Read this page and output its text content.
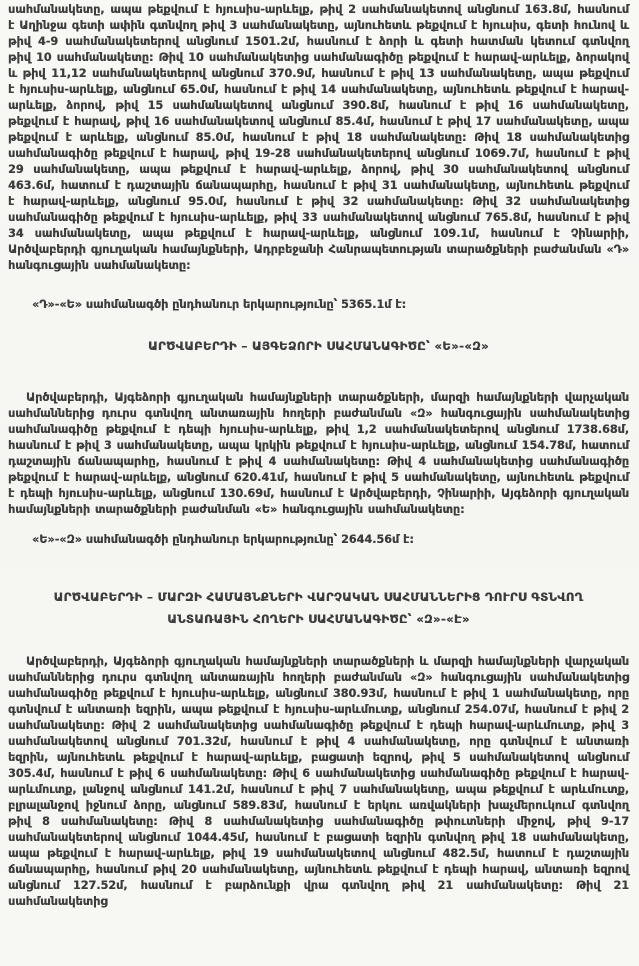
սահմանակետը, ապա թեքվում է հյուսիս-արևելք, թիվ 2 սահմանակետով անցնում 163.8մ, հասնում է Աղինջա գետի ափին գտնվող թիվ 3 սահմանակետը, այնուհետև թեքվում է հյուսիս, գետի հունով և թիվ 4-9 սահմանակետերով անցնում 1501.2մ, հասնում է ձորի և գետի հատման կետում գտնվող թիվ 10 սահմանակետը: Թիվ 10 սահմանակետից սահմանագիծը թեքվում է հարավ-արևելք, ձորակով և թիվ 11,12 սահմանակետերով անցնում 370.9մ, հասնում է թիվ 13 սահմանակետը, ապա թեքվում է հյուսիս-արևելք, անցնում 65.0մ, հասնում է թիվ 14 սահմանակետը, այնուհետև թեքվում է հարավ-արևելք, ձորով, թիվ 15 սահմանակետով անցնում 390.8մ, հասնում է թիվ 16 սահմանակետը, թեքվում է հարավ, թիվ 16 սահմանակետով անցնում 85.4մ, հասնում է թիվ 17 սահմանակետը, ապա թեքվում է արևելք, անցնում 85.0մ, հասնում է թիվ 18 սահմանակետը: Թիվ 18 սահմանակետից սահմանագիծը թեքվում է հարավ, թիվ 19-28 սահմանակետերով անցնում 1069.7մ, հասնում է թիվ 29 սահմանակետը, ապա թեքվում է հարավ-արևելք, ձորով, թիվ 30 սահմանակետով անցնում 463.6մ, հատում է դաշտային ճանապարհը, հասնում է թիվ 31 սահմանակետը, այնուհետև թեքվում է հարավ-արևելք, անցնում 95.0մ, հասնում է թիվ 32 սահմանակետը: Թիվ 32 սահմանակետից սահմանագիծը թեքվում է հյուսիս-արևելք, թիվ 33 սահմանակետով անցնում 765.8մ, հասնում է թիվ 34 սահմանակետը, ապա թեքվում է հարավ-արևելք, անցնում 109.1մ, հասնում է Չինարիի, Արծվաբերդի գյուղական համայնքների, Ադրբեջանի Հանրապետության տարածքների բաժանման «Դ» հանգուցային սահմանակետը:

«Դ»-«Ե» սահմանագծի ընդհանուր երկարությունը՝ 5365.1մ է:

ԱՐԾՎԱԲԵՐԴԻ – ԱՅԳԵՁՈՐԻ ՍԱՀՄԱՆԱԳԻԾԸ՝ «Ե»-«Զ»

Արծվաբերդի, Այգեձորի գյուղական համայնքների տարածքների, մարզի համայնքների վարչական սահմաններից դուրս գտնվող անտառային հողերի բաժանման «Զ» հանգուցային սահմանակետից սահմանագիծը թեքվում է դեպի հյուսիս-արևելք, թիվ 1,2 սահմանակետերով անցնում 1738.68մ, հասնում է թիվ 3 սահմանակետը, ապա կրկին թեքվում է հյուսիս-արևելք, անցնում 154.78մ, հատում դաշտային ճանապարհը, հասնում է թիվ 4 սահմանակետը: Թիվ 4 սահմանակետից սահմանագիծը թեքվում է հարավ-արևելք, անցնում 620.41մ, հասնում է թիվ 5 սահմանակետը, այնուհետև թեքվում է դեպի հյուսիս-արևելք, անցնում 130.69մ, հասնում է Արծվաբերդի, Չինարիի, Այգեձորի գյուղական համայնքների տարածքների բաժանման «Ե» հանգուցային սահմանակետը:

«Ե»-«Զ» սահմանագծի ընդհանուր երկարությունը՝ 2644.56մ է:

ԱՐԾՎԱԲԵՐԴԻ – ՄԱՐԶԻ ՀԱՄԱՅՆՔՆԵՐԻ ՎԱՐՉԱԿԱՆ ՍԱՀՄԱՆՆԵՐԻՑ ԴՈՒՐՍ ԳՏՆՎՈՂ
ԱՆՏԱՌԱՅԻՆ ՀՈՂԵՐԻ ՍԱՀՄԱՆԱԳԻԾԸ՝ «Զ»-«Է»

Արծվաբերդի, Այգեձորի գյուղական համայնքների տարածքների և մարզի համայնքների վարչական սահմաններից դուրս գտնվող անտառային հողերի բաժանման «Զ» հանգուցային սահմանակետից սահմանագիծը թեքվում է հյուսիս-արևելք, անցնում 380.93մ, հասնում է թիվ 1 սահմանակետը, որը գտնվում է անտառի եզրին, ապա թեքվում է հյուսիս-արևմուտք, անցնում 254.07մ, հասնում է թիվ 2 սահմանակետը: Թիվ 2 սահմանակետից սահմանագիծը թեքվում է դեպի հարավ-արևմուտք, թիվ 3 սահմանակետով անցնում 701.32մ, հասնում է թիվ 4 սահմանակետը, որը գտնվում է անտառի եզրին, այնուհետև թեքվում է հարավ-արևելք, բացատի եզրով, թիվ 5 սահմանակետով անցնում 305.4մ, հասնում է թիվ 6 սահմանակետը: Թիվ 6 սահմանակետից սահմանագիծը թեքվում է հարավ-արևմուտք, լանջով անցնում 141.2մ, հասնում է թիվ 7 սահմանակետը, ապա թեքվում է արևմուտք, բլրալանջով իջնում ձորը, անցնում 589.83մ, հասնում է երկու առվակների խաչմերուկում գտնվող թիվ 8 սահմանակետը: Թիվ 8 սահմանակետից սահմանագիծը թփուտների միջով, թիվ 9-17 սահմանակետերով անցնում 1044.45մ, հասնում է բացատի եզրին գտնվող թիվ 18 սահմանակետը, ապա թեքվում է հարավ-արևելք, թիվ 19 սահմանակետով անցնում 482.5մ, հատում է դաշտային ճանապարհը, հասնում թիվ 20 սահմանակետը, այնուհետև թեքվում է դեպի հարավ, անտառի եզրով անցնում 127.52մ, հասնում է բարձունքի վրա գտնվող թիվ 21 սահմանակետը: Թիվ 21 սահմանակետից
